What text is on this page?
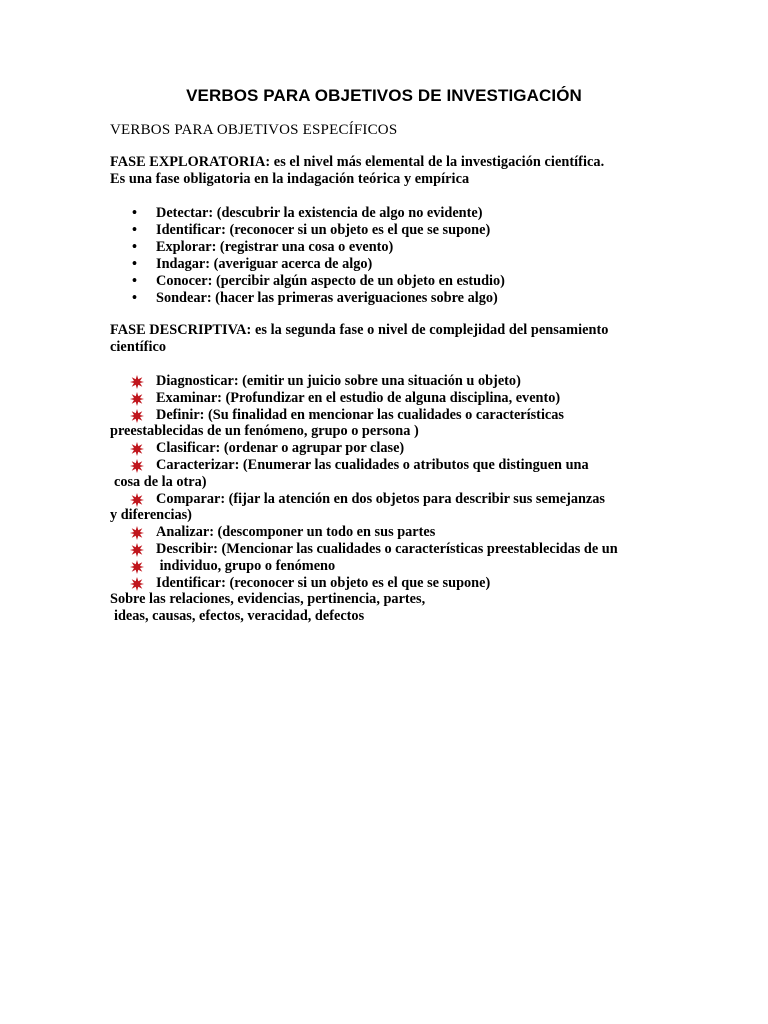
VERBOS PARA OBJETIVOS DE INVESTIGACIÓN
VERBOS PARA OBJETIVOS ESPECÍFICOS
FASE EXPLORATORIA: es el nivel más elemental de la investigación científica.
Es una fase obligatoria en la indagación teórica y empírica
• Detectar: (descubrir la existencia de algo no evidente)
• Identificar: (reconocer si un objeto es el que se supone)
• Explorar: (registrar una cosa o evento)
• Indagar: (averiguar acerca de algo)
• Conocer: (percibir algún aspecto de un objeto en estudio)
• Sondear: (hacer las primeras averiguaciones sobre algo)
FASE DESCRIPTIVA: es la segunda fase o nivel de complejidad del pensamiento
científico
Diagnosticar: (emitir un juicio sobre una situación u objeto)
Examinar: (Profundizar en el estudio de alguna disciplina, evento)
Definir: (Su finalidad en mencionar las cualidades o características
preestablecidas de un fenómeno, grupo o persona )
Clasificar: (ordenar o agrupar por clase)
Caracterizar: (Enumerar las cualidades o atributos que distinguen una
cosa de la otra)
Comparar: (fijar la atención en dos objetos para describir sus semejanzas
y diferencias)
Analizar: (descomponer un todo en sus partes
Describir: (Mencionar las cualidades o características preestablecidas de un
individuo, grupo o fenómeno
Identificar: (reconocer si un objeto es el que se supone)
Sobre las relaciones, evidencias, pertinencia, partes,
ideas, causas, efectos, veracidad, defectos
